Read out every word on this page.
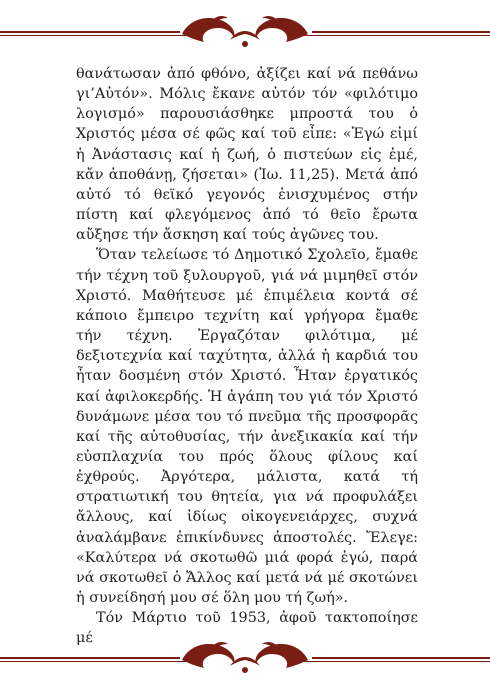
θανάτωσαν ἀπό φθόνο, ἀξίζει καί νά πεθάνω γι’Αὐτόν». Μόλις ἔκανε αὐτόν τόν «φιλότιμο λογισμό» παρουσιάσθηκε μπροστά του ὁ Χριστός μέσα σέ φῶς καί τοῦ εἶπε: «Ἐγώ εἰμί ἡ Ἀνάστασις καί ἡ ζωή, ὁ πιστεύων εἰς ἐμέ, κἄν ἀποθάνῃ, ζήσεται» (Ἰω. 11,25). Μετά ἀπό αὐτό τό θεϊκό γεγονός ἐνισχυμένος στήν πίστη καί φλεγόμενος ἀπό τό θεῖο ἔρωτα αὔξησε τήν ἄσκηση καί τούς ἀγῶνες του.

Ὅταν τελείωσε τό Δημοτικό Σχολεῖο, ἔμαθε τήν τέχνη τοῦ ξυλουργοῦ, γιά νά μιμηθεῖ στόν Χριστό. Μαθήτευσε μέ ἐπιμέλεια κοντά σέ κάποιο ἔμπειρο τεχνίτη καί γρήγορα ἔμαθε τήν τέχνη. Ἐργαζόταν φιλότιμα, μέ δεξιοτεχνία καί ταχύτητα, ἀλλά ἡ καρδιά του ἦταν δοσμένη στόν Χριστό. Ἦταν ἐργατικός καί ἀφιλοκερδής. Ἡ ἀγάπη του γιά τόν Χριστό δυνάμωνε μέσα του τό πνεῦμα τῆς προσφορᾶς καί τῆς αὐτοθυσίας, τήν ἀνεξικακία καί τήν εὐσπλαχνία του πρός ὅλους φίλους καί ἐχθρούς. Ἀργότερα, μάλιστα, κατά τή στρατιωτική του θητεία, για νά προφυλάξει ἄλλους, καί ἰδίως οἰκογενειάρχες, συχνά ἀναλάμβανε ἐπικίνδυνες ἀποστολές. Ἔλεγε: «Καλύτερα νά σκοτωθῶ μιά φορά ἐγώ, παρά νά σκοτωθεῖ ὁ Ἄλλος καί μετά νά μέ σκοτώνει ἡ συνείδησή μου σέ ὅλη μου τή ζωή».

Τόν Μάρτιο τοῦ 1953, ἀφοῦ τακτοποίησε μέ
